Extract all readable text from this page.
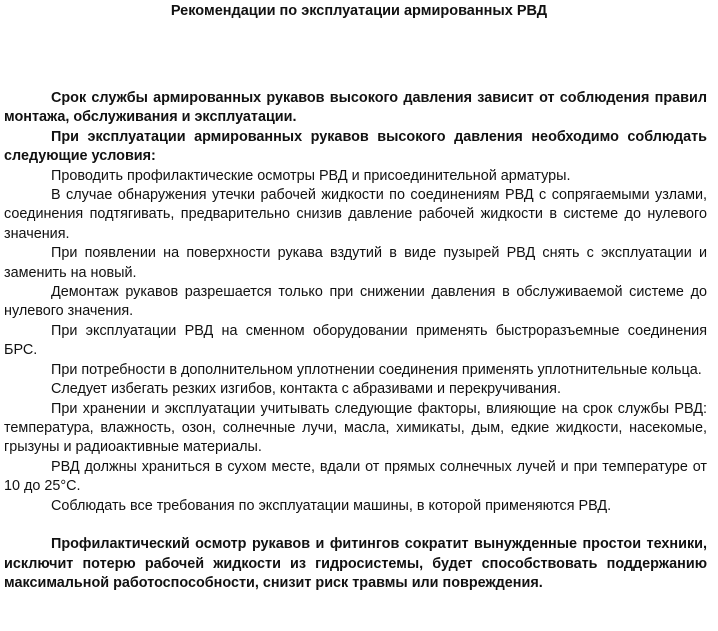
Рекомендации по эксплуатации армированных РВД

Срок службы армированных рукавов высокого давления зависит от соблюдения правил монтажа, обслуживания и эксплуатации.

При эксплуатации армированных рукавов высокого давления необходимо соблюдать следующие условия:

Проводить профилактические осмотры РВД и присоединительной арматуры.

В случае обнаружения утечки рабочей жидкости по соединениям РВД с сопрягаемыми узлами, соединения подтягивать, предварительно снизив давление рабочей жидкости в системе до нулевого значения.

При появлении на поверхности рукава вздутий в виде пузырей РВД снять с эксплуатации и заменить на новый.

Демонтаж рукавов разрешается только при снижении давления в обслуживаемой системе до нулевого значения.

При эксплуатации РВД на сменном оборудовании применять быстроразъемные соединения БРС.

При потребности в дополнительном уплотнении соединения применять уплотнительные кольца.

Следует избегать резких изгибов, контакта с абразивами и перекручивания.

При хранении и эксплуатации учитывать следующие факторы, влияющие на срок службы РВД: температура, влажность, озон, солнечные лучи, масла, химикаты, дым, едкие жидкости, насекомые, грызуны и радиоактивные материалы.

РВД должны храниться в сухом месте, вдали от прямых солнечных лучей и при температуре от 10 до 25°С.

Соблюдать все требования по эксплуатации машины, в которой применяются РВД.

Профилактический осмотр рукавов и фитингов сократит вынужденные простои техники, исключит потерю рабочей жидкости из гидросистемы, будет способствовать поддержанию максимальной работоспособности, снизит риск травмы или повреждения.
